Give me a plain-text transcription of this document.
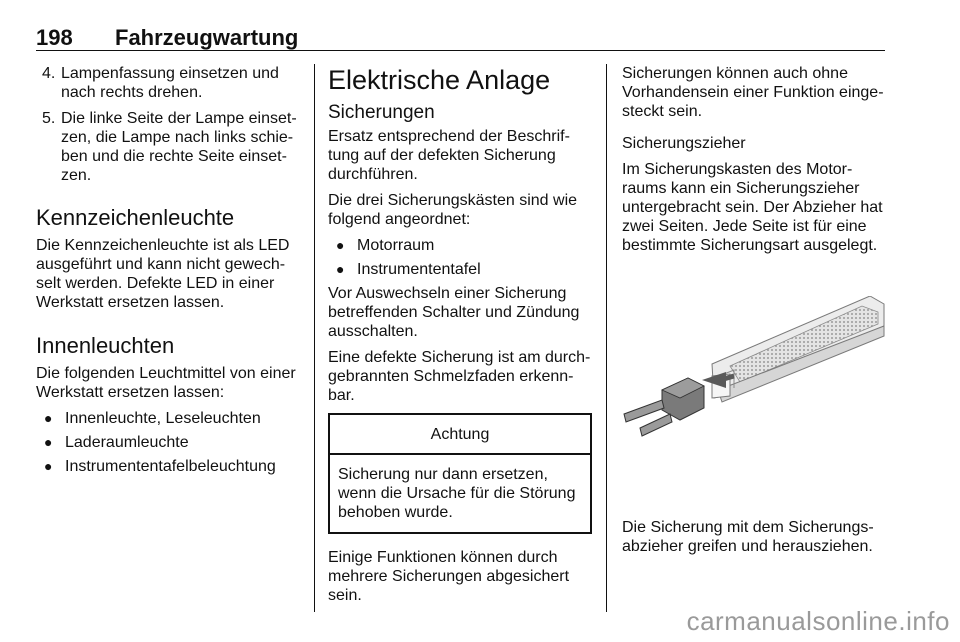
198 Fahrzeugwartung
4. Lampenfassung einsetzen und nach rechts drehen.
5. Die linke Seite der Lampe einset-zen, die Lampe nach links schie-ben und die rechte Seite einset-zen.
Kennzeichenleuchte

Die Kennzeichenleuchte ist als LED ausgeführt und kann nicht gewech-selt werden. Defekte LED in einer Werkstatt ersetzen lassen.

Innenleuchten

Die folgenden Leuchtmittel von einer Werkstatt ersetzen lassen:

● Innenleuchte, Leseleuchten
● Laderaumleuchte
● Instrumententafelbeleuchtung
Elektrische Anlage
Sicherungen

Ersatz entsprechend der Beschrif-tung auf der defekten Sicherung durchführen.

Die drei Sicherungskästen sind wie folgend angeordnet:

● Motorraum
● Instrumententafel

Vor Auswechseln einer Sicherung betreffenden Schalter und Zündung ausschalten.

Eine defekte Sicherung ist am durch-gebrannten Schmelzfaden erkenn-bar.

Achtung
Sicherung nur dann ersetzen, wenn die Ursache für die Störung behoben wurde.

Einige Funktionen können durch mehrere Sicherungen abgesichert sein.

Sicherungen können auch ohne Vorhandensein einer Funktion einge-steckt sein.

Sicherungszieher

Im Sicherungskasten des Motor-raums kann ein Sicherungszieher untergebracht sein. Der Abzieher hat zwei Seiten. Jede Seite ist für eine bestimmte Sicherungsart ausgelegt.

Die Sicherung mit dem Sicherungs-abzieher greifen und herausziehen.

carmanualsonline.info
